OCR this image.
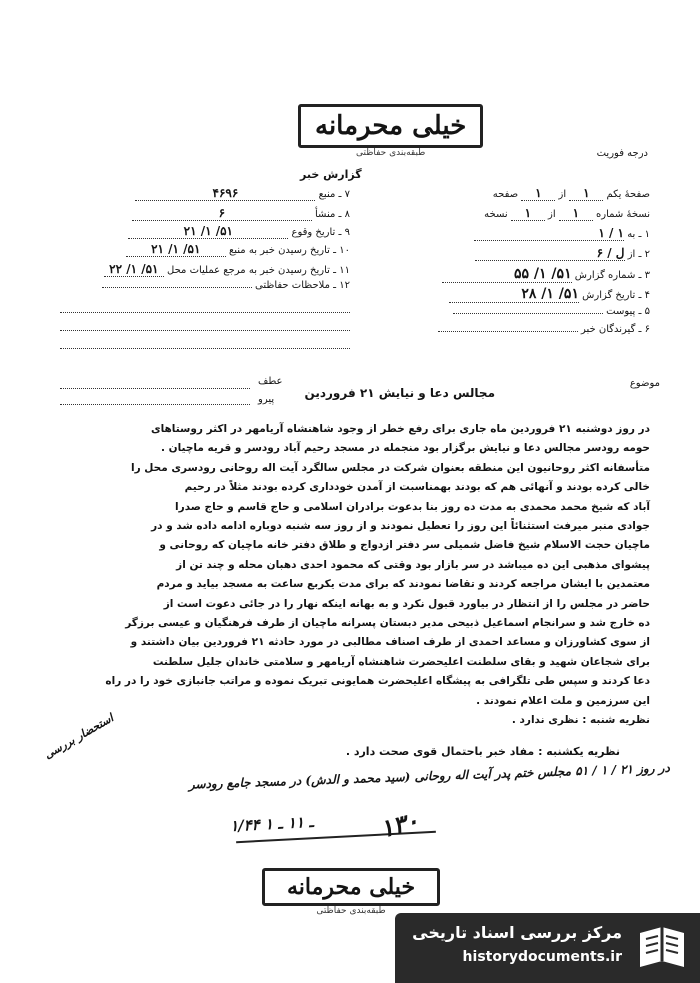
خیلی محرمانه
طبقه‌بندی حفاظتی	درجه فوریت
گزارش خبر
صفحهٔ یکم ۱ از ۱ صفحه
نسخهٔ شماره ۱ از ۱ نسخه
۱ ـ به ۱ / ۱
۲ ـ از ل / ۶
۳ ـ شماره گزارش ۵۱/ ۱/ ۵۵
۴ ـ تاریخ گزارش ۵۱/ ۱/ ۲۸
۵ ـ پیوست
۶ ـ گیرندگان خبر
۷ ـ منبع ۴۶۹۶
۸ ـ منشأ ۶
۹ ـ تاریخ وقوع ۵۱/ ۱/ ۲۱
۱۰ ـ تاریخ رسیدن خبر به منبع ۵۱/ ۱/ ۲۱
۱۱ ـ تاریخ رسیدن خبر به مرجع عملیات محل ۵۱/ ۱/ ۲۲
۱۲ ـ ملاحظات حفاظتی
عطف
پیرو
موضوع
مجالس دعا و نیایش ۲۱ فروردین
در روز دوشنبه ۲۱ فروردین ماه جاری برای رفع خطر از وجود شاهنشاه آریامهر در اکثر روستاهای
حومه رودسر مجالس دعا و نیایش برگزار بود منجمله در مسجد رحیم آباد رودسر و قریه ماچیان .
متأسفانه اکثر روحانیون این منطقه بعنوان شرکت در مجلس سالگرد آیت اله روحانی رودسری محل را
خالی کرده بودند و آنهائی هم که بودند بهمناسبت از آمدن خودداری کرده بودند مثلاً در رحیم
آباد که شیخ محمد محمدی به مدت ده روز بنا بدعوت برادران اسلامی و حاج قاسم و حاج صدرا
جوادی منبر میرفت استثنائاً این روز را تعطیل نمودند و از روز سه شنبه دوباره ادامه داده شد و در
ماچیان حجت الاسلام شیخ فاضل شمیلی سر دفتر ازدواج و طلاق دفتر خانه ماچیان که روحانی و
پیشوای مذهبی این ده میباشد در سر بازار بود وقتی که محمود احدی دهبان محله و چند تن از
معتمدین با ایشان مراجعه کردند و تقاضا نمودند که برای مدت یکربع ساعت به مسجد بیاید و مردم
حاضر در مجلس را از انتظار در بیاورد قبول نکرد و به بهانه اینکه نهار را در جائی دعوت است از
ده خارج شد و سرانجام اسماعیل ذبیحی مدیر دبستان پسرانه ماچیان از طرف فرهنگیان و عیسی برزگر
از سوی کشاورزان و مساعد احمدی از طرف اصناف مطالبی در مورد حادثه ۲۱ فروردین بیان داشتند و
برای شجاعان شهید و بقای سلطنت اعلیحضرت شاهنشاه آریامهر و سلامتی خاندان جلیل سلطنت
دعا کردند و سپس طی تلگرافی به پیشگاه اعلیحضرت همایونی تبریک نموده و مراتب جانبازی خود را در راه
این سرزمین و ملت اعلام نمودند .
نظریه شنبه : نظری ندارد .
نظریه یکشنبه : مفاد خبر باحتمال قوی صحت دارد .
در روز ۲۱ / ۱ / ۵۱ مجلس ختم پدر آیت اله روحانی (سید محمد و الدش) در مسجد جامع رودسر
استحضار بررسی
۱/۴۴ ـ ۱۱ ـ ۱	۱۳۰
خیلی محرمانه
طبقه‌بندی حفاظتی
مرکز بررسی اسناد تاریخی
historydocuments.ir
